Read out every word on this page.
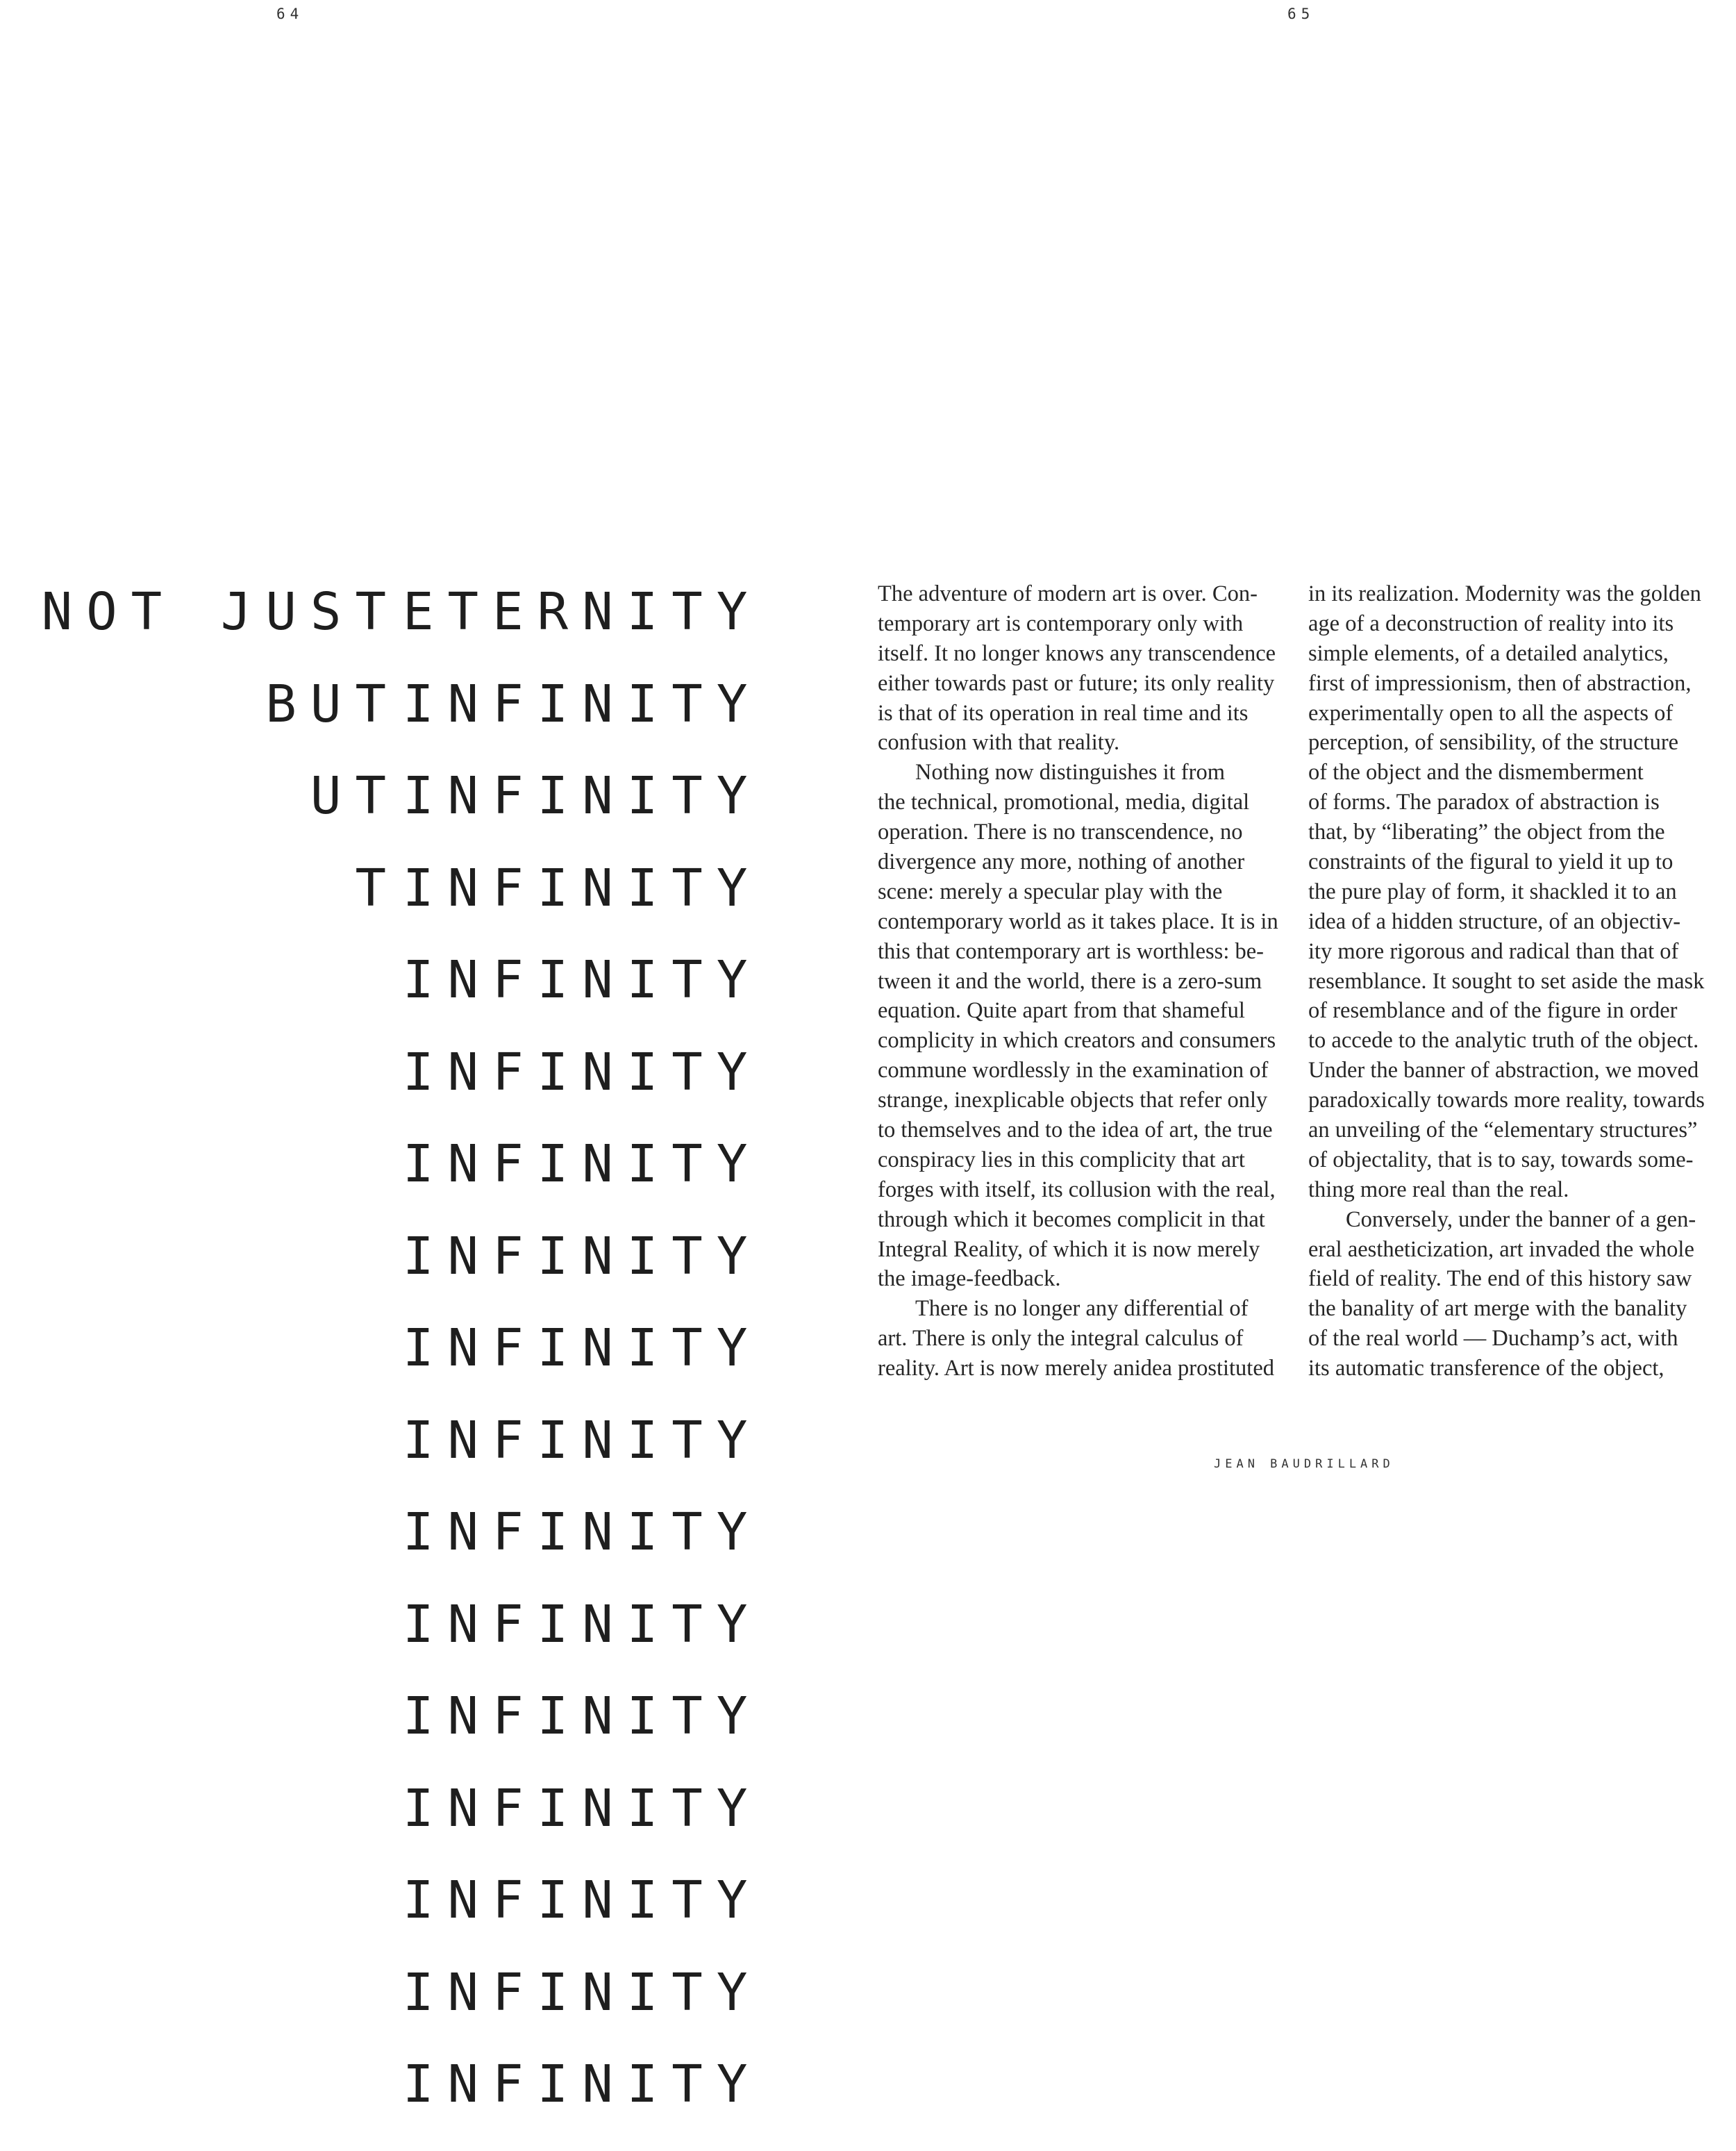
64	65
NOT JUST ETERNITY
BUT INFINITY
UT INFINITY
T INFINITY
INFINITY
INFINITY
INFINITY
INFINITY
INFINITY
INFINITY
INFINITY
INFINITY
INFINITY
INFINITY
INFINITY
INFINITY
INFINITY
The adventure of modern art is over. Con-
temporary art is contemporary only with
itself. It no longer knows any transcendence
either towards past or future; its only reality
is that of its operation in real time and its
confusion with that reality.
Nothing now distinguishes it from
the technical, promotional, media, digital
operation. There is no transcendence, no
divergence any more, nothing of another
scene: merely a specular play with the
contemporary world as it takes place. It is in
this that contemporary art is worthless: be-
tween it and the world, there is a zero-sum
equation. Quite apart from that shameful
complicity in which creators and consumers
commune wordlessly in the examination of
strange, inexplicable objects that refer only
to themselves and to the idea of art, the true
conspiracy lies in this complicity that art
forges with itself, its collusion with the real,
through which it becomes complicit in that
Integral Reality, of which it is now merely
the image-feedback.
There is no longer any differential of
art. There is only the integral calculus of
reality. Art is now merely anidea prostituted
in its realization. Modernity was the golden
age of a deconstruction of reality into its
simple elements, of a detailed analytics,
first of impressionism, then of abstraction,
experimentally open to all the aspects of
perception, of sensibility, of the structure
of the object and the dismemberment
of forms. The paradox of abstraction is
that, by “liberating” the object from the
constraints of the figural to yield it up to
the pure play of form, it shackled it to an
idea of a hidden structure, of an objectiv-
ity more rigorous and radical than that of
resemblance. It sought to set aside the mask
of resemblance and of the figure in order
to accede to the analytic truth of the object.
Under the banner of abstraction, we moved
paradoxically towards more reality, towards
an unveiling of the “elementary structures”
of objectality, that is to say, towards some-
thing more real than the real.
Conversely, under the banner of a gen-
eral aestheticization, art invaded the whole
field of reality. The end of this history saw
the banality of art merge with the banality
of the real world — Duchamp’s act, with
its automatic transference of the object,
JEAN BAUDRILLARD
